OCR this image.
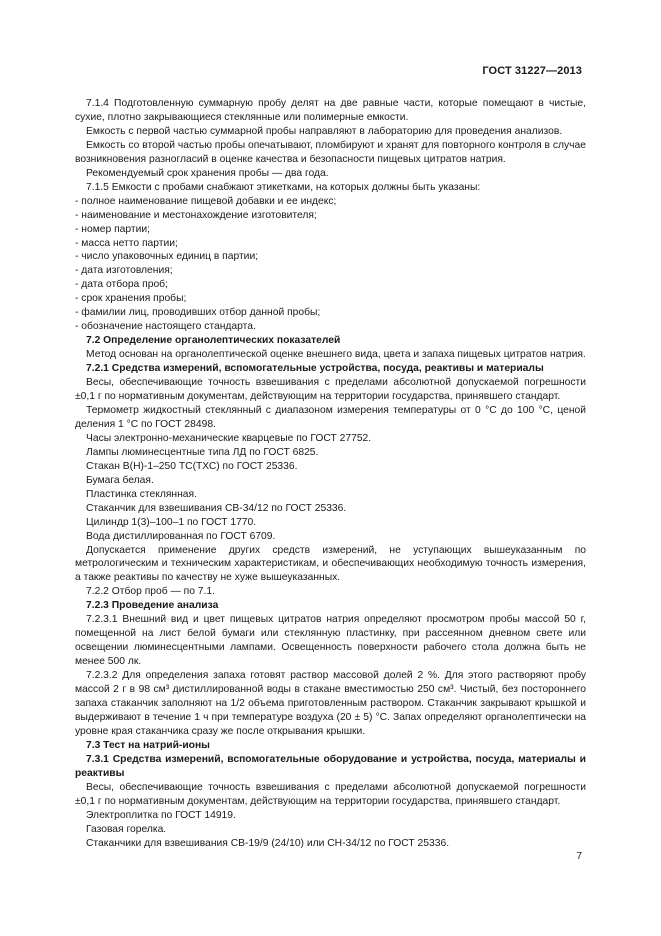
ГОСТ 31227—2013

7.1.4 Подготовленную суммарную пробу делят на две равные части, которые помещают в чистые, сухие, плотно закрывающиеся стеклянные или полимерные емкости.

Емкость с первой частью суммарной пробы направляют в лабораторию для проведения анализов.

Емкость со второй частью пробы опечатывают, пломбируют и хранят для повторного контроля в случае возникновения разногласий в оценке качества и безопасности пищевых цитратов натрия.

Рекомендуемый срок хранения пробы — два года.

7.1.5 Емкости с пробами снабжают этикетками, на которых должны быть указаны:

- полное наименование пищевой добавки и ее индекс;

- наименование и местонахождение изготовителя;

- номер партии;

- масса нетто партии;

- число упаковочных единиц в партии;

- дата изготовления;

- дата отбора проб;

- срок хранения пробы;

- фамилии лиц, проводивших отбор данной пробы;

- обозначение настоящего стандарта.

7.2 Определение органолептических показателей

Метод основан на органолептической оценке внешнего вида, цвета и запаха пищевых цитратов натрия.

7.2.1 Средства измерений, вспомогательные устройства, посуда, реактивы и материалы

Весы, обеспечивающие точность взвешивания с пределами абсолютной допускаемой погрешности ±0,1 г по нормативным документам, действующим на территории государства, принявшего стандарт.

Термометр жидкостный стеклянный с диапазоном измерения температуры от 0 °С до 100 °С, ценой деления 1 °С по ГОСТ 28498.

Часы электронно-механические кварцевые по ГОСТ 27752.

Лампы люминесцентные типа ЛД по ГОСТ 6825.

Стакан В(Н)-1–250 ТС(ТХС) по ГОСТ 25336.

Бумага белая.

Пластинка стеклянная.

Стаканчик для взвешивания СВ-34/12 по ГОСТ 25336.

Цилиндр 1(3)–100–1 по ГОСТ 1770.

Вода дистиллированная по ГОСТ 6709.

Допускается применение других средств измерений, не уступающих вышеуказанным по метрологическим и техническим характеристикам, и обеспечивающих необходимую точность измерения, а также реактивы по качеству не хуже вышеуказанных.

7.2.2 Отбор проб — по 7.1.

7.2.3 Проведение анализа

7.2.3.1 Внешний вид и цвет пищевых цитратов натрия определяют просмотром пробы массой 50 г, помещенной на лист белой бумаги или стеклянную пластинку, при рассеянном дневном свете или освещении люминесцентными лампами. Освещенность поверхности рабочего стола должна быть не менее 500 лк.

7.2.3.2 Для определения запаха готовят раствор массовой долей 2 %. Для этого растворяют пробу массой 2 г в 98 см³ дистиллированной воды в стакане вместимостью 250 см³. Чистый, без постороннего запаха стаканчик заполняют на 1/2 объема приготовленным раствором. Стаканчик закрывают крышкой и выдерживают в течение 1 ч при температуре воздуха (20 ± 5) °С. Запах определяют органолептически на уровне края стаканчика сразу же после открывания крышки.

7.3 Тест на натрий-ионы

7.3.1 Средства измерений, вспомогательные оборудование и устройства, посуда, материалы и реактивы

Весы, обеспечивающие точность взвешивания с пределами абсолютной допускаемой погрешности ±0,1 г по нормативным документам, действующим на территории государства, принявшего стандарт.

Электроплитка по ГОСТ 14919.

Газовая горелка.

Стаканчики для взвешивания СВ-19/9 (24/10) или СН-34/12 по ГОСТ 25336.

7
